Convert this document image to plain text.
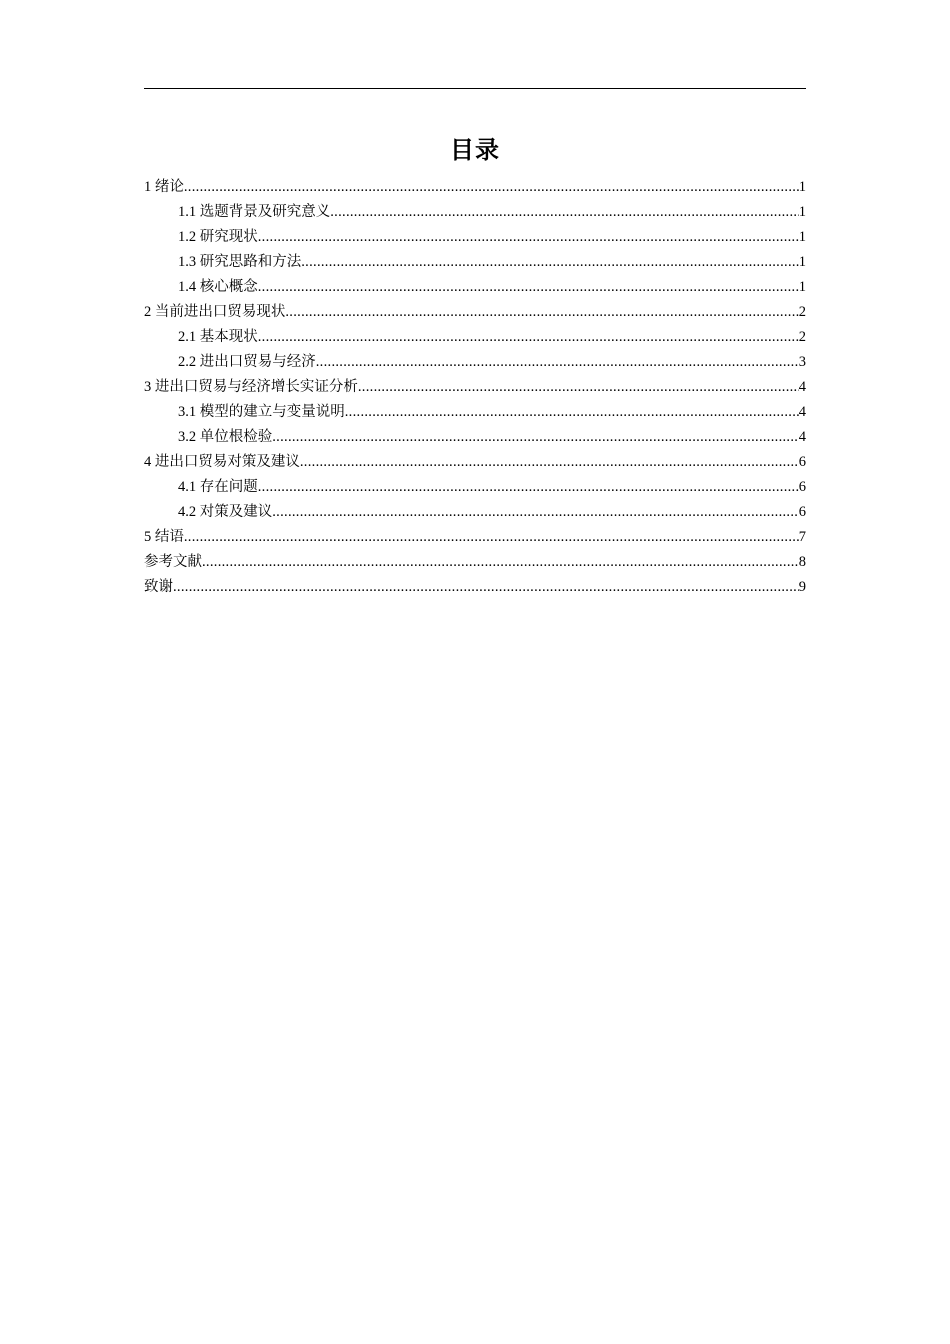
目录
1 绪论 .....	1
1.1 选题背景及研究意义 .....	1
1.2 研究现状 .....	1
1.3 研究思路和方法 .....	1
1.4 核心概念 .....	1
2 当前进出口贸易现状 .....	2
2.1 基本现状 .....	2
2.2 进出口贸易与经济 .....	3
3 进出口贸易与经济增长实证分析 .....	4
3.1 模型的建立与变量说明 .....	4
3.2 单位根检验 .....	4
4 进出口贸易对策及建议 .....	6
4.1 存在问题 .....	6
4.2 对策及建议 .....	6
5 结语 .....	7
参考文献 .....	8
致谢 .....	9
